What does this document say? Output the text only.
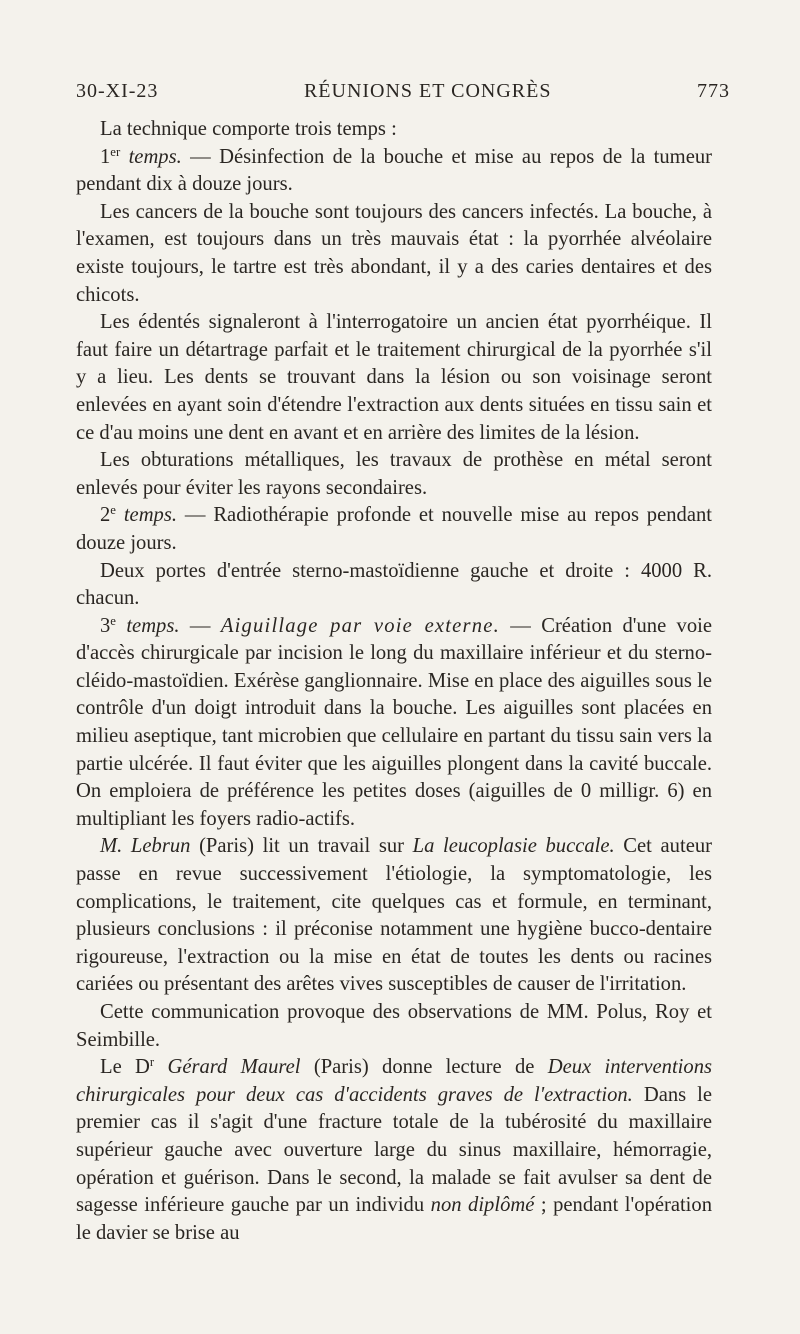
30-XI-23	RÉUNIONS ET CONGRÈS	773

La technique comporte trois temps :

1er temps. — Désinfection de la bouche et mise au repos de la tumeur pendant dix à douze jours.

Les cancers de la bouche sont toujours des cancers infectés. La bouche, à l'examen, est toujours dans un très mauvais état : la pyorrhée alvéolaire existe toujours, le tartre est très abondant, il y a des caries dentaires et des chicots.

Les édentés signaleront à l'interrogatoire un ancien état pyorrhéique. Il faut faire un détartrage parfait et le traitement chirurgical de la pyorrhée s'il y a lieu. Les dents se trouvant dans la lésion ou son voisinage seront enlevées en ayant soin d'étendre l'extraction aux dents situées en tissu sain et ce d'au moins une dent en avant et en arrière des limites de la lésion.

Les obturations métalliques, les travaux de prothèse en métal seront enlevés pour éviter les rayons secondaires.

2e temps. — Radiothérapie profonde et nouvelle mise au repos pendant douze jours.

Deux portes d'entrée sterno-mastoïdienne gauche et droite : 4000 R. chacun.

3e temps. — Aiguillage par voie externe. — Création d'une voie d'accès chirurgicale par incision le long du maxillaire inférieur et du sterno-cléido-mastoïdien. Exérèse ganglionnaire. Mise en place des aiguilles sous le contrôle d'un doigt introduit dans la bouche. Les aiguilles sont placées en milieu aseptique, tant microbien que cellulaire en partant du tissu sain vers la partie ulcérée. Il faut éviter que les aiguilles plongent dans la cavité buccale. On emploiera de préférence les petites doses (aiguilles de 0 milligr. 6) en multipliant les foyers radio-actifs.

M. Lebrun (Paris) lit un travail sur La leucoplasie buccale. Cet auteur passe en revue successivement l'étiologie, la symptomatologie, les complications, le traitement, cite quelques cas et formule, en terminant, plusieurs conclusions : il préconise notamment une hygiène bucco-dentaire rigoureuse, l'extraction ou la mise en état de toutes les dents ou racines cariées ou présentant des arêtes vives susceptibles de causer de l'irritation.

Cette communication provoque des observations de MM. Polus, Roy et Seimbille.

Le $D^r$ Gérard Maurel (Paris) donne lecture de Deux interventions chirurgicales pour deux cas d'accidents graves de l'extraction. Dans le premier cas il s'agit d'une fracture totale de la tubérosité du maxillaire supérieur gauche avec ouverture large du sinus maxillaire, hémorragie, opération et guérison. Dans le second, la malade se fait avulser sa dent de sagesse inférieure gauche par un individu non diplômé ; pendant l'opération le davier se brise au
